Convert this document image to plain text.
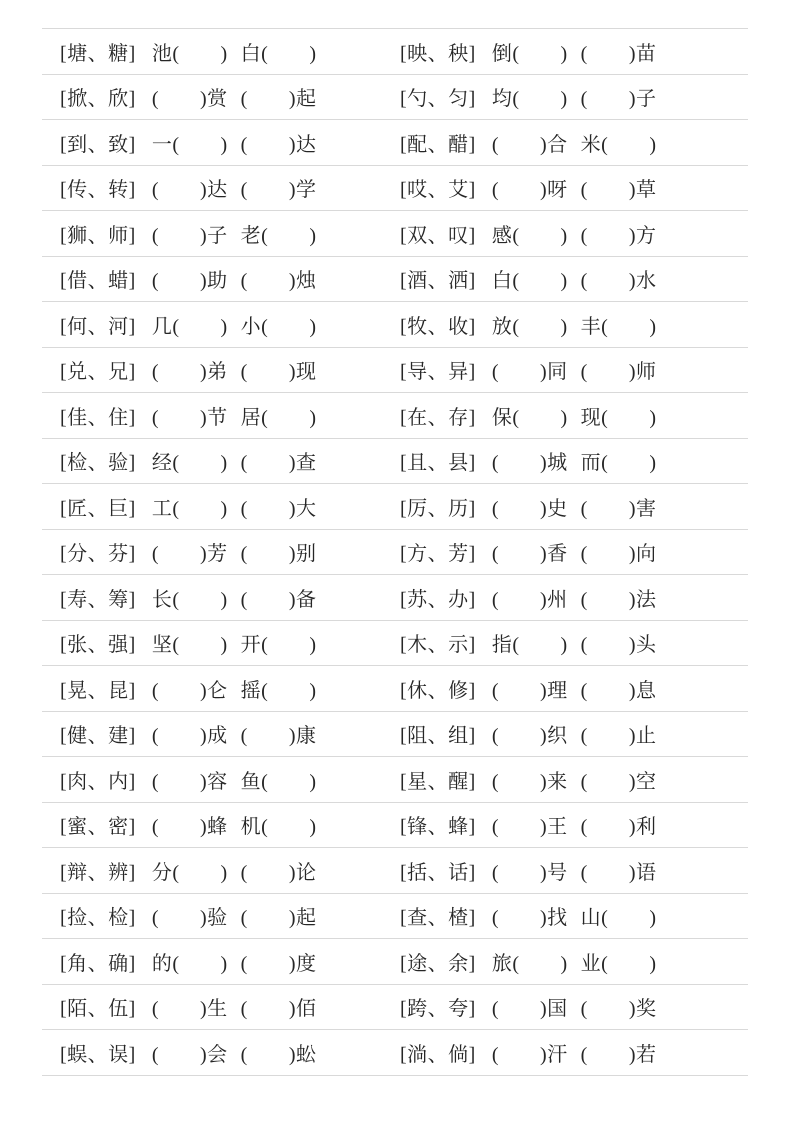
[塘、糖] 池(　　) 白(　　)	[映、秧] 倒(　　) (　　)苗
[掀、欣] (　　)赏 (　　)起	[勺、匀] 均(　　) (　　)子
[到、致] 一(　　) (　　)达	[配、醋] (　　)合 米(　　)
[传、转] (　　)达 (　　)学	[哎、艾] (　　)呀 (　　)草
[狮、师] (　　)子 老(　　)	[双、叹] 感(　　) (　　)方
[借、蜡] (　　)助 (　　)烛	[酒、洒] 白(　　) (　　)水
[何、河] 几(　　) 小(　　)	[牧、收] 放(　　) 丰(　　)
[兑、兄] (　　)弟 (　　)现	[导、异] (　　)同 (　　)师
[佳、住] (　　)节 居(　　)	[在、存] 保(　　) 现(　　)
[检、验] 经(　　) (　　)查	[且、县] (　　)城 而(　　)
[匠、巨] 工(　　) (　　)大	[厉、历] (　　)史 (　　)害
[分、芬] (　　)芳 (　　)别	[方、芳] (　　)香 (　　)向
[寿、筹] 长(　　) (　　)备	[苏、办] (　　)州 (　　)法
[张、强] 坚(　　) 开(　　)	[木、示] 指(　　) (　　)头
[晃、昆] (　　)仑 摇(　　)	[休、修] (　　)理 (　　)息
[健、建] (　　)成 (　　)康	[阻、组] (　　)织 (　　)止
[肉、内] (　　)容 鱼(　　)	[星、醒] (　　)来 (　　)空
[蜜、密] (　　)蜂 机(　　)	[锋、蜂] (　　)王 (　　)利
[辩、辨] 分(　　) (　　)论	[括、话] (　　)号 (　　)语
[捡、检] (　　)验 (　　)起	[查、楂] (　　)找 山(　　)
[角、确] 的(　　) (　　)度	[途、余] 旅(　　) 业(　　)
[陌、伍] (　　)生 (　　)佰	[跨、夸] (　　)国 (　　)奖
[蜈、误] (　　)会 (　　)蚣	[淌、倘] (　　)汗 (　　)若
